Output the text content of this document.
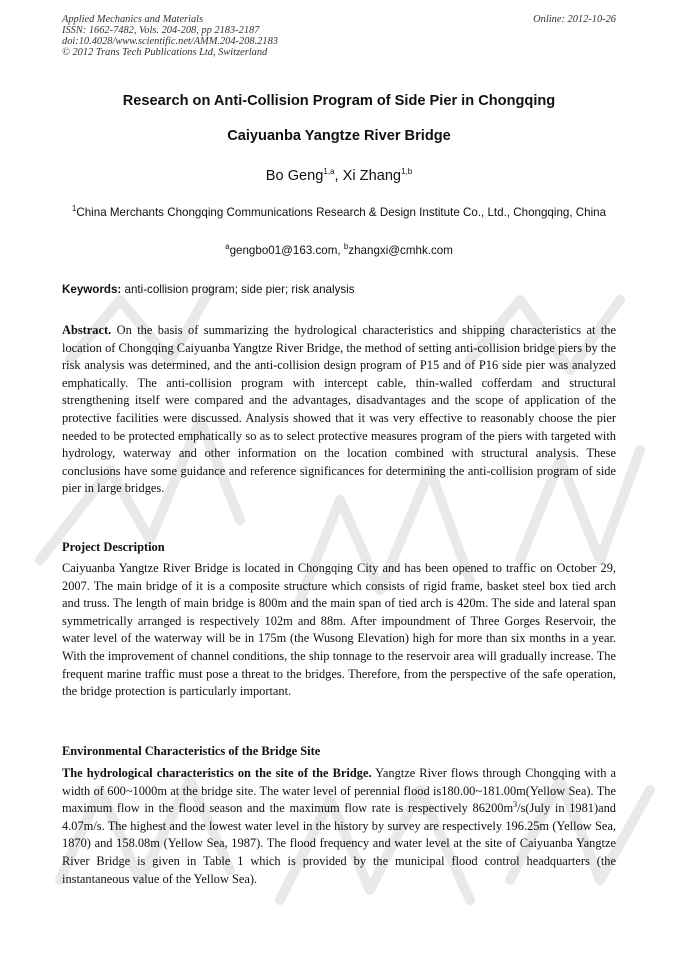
Applied Mechanics and Materials
ISSN: 1662-7482, Vols. 204-208, pp 2183-2187
doi:10.4028/www.scientific.net/AMM.204-208.2183
© 2012 Trans Tech Publications Ltd, Switzerland
Online: 2012-10-26
Research on Anti-Collision Program of Side Pier in Chongqing
Caiyuanba Yangtze River Bridge
Bo Geng$^{1,a}$, Xi Zhang$^{1,b}$
$^1$China Merchants Chongqing Communications Research & Design Institute Co., Ltd., Chongqing, China
$^a$gengbo01@163.com, $^b$zhangxi@cmhk.com
Keywords: anti-collision program; side pier; risk analysis
Abstract. On the basis of summarizing the hydrological characteristics and shipping characteristics at the location of Chongqing Caiyuanba Yangtze River Bridge, the method of setting anti-collision bridge piers by the risk analysis was determined, and the anti-collision design program of P15 and of P16 side pier was analyzed emphatically. The anti-collision program with intercept cable, thin-walled cofferdam and structural strengthening itself were compared and the advantages, disadvantages and the scope of application of the protective facilities were discussed. Analysis showed that it was very effective to reasonably choose the pier needed to be protected emphatically so as to select protective measures program of the piers with targeted with hydrology, waterway and other information on the location combined with structural analysis. These conclusions have some guidance and reference significances for determining the anti-collision program of side pier in large bridges.
Project Description
Caiyuanba Yangtze River Bridge is located in Chongqing City and has been opened to traffic on October 29, 2007. The main bridge of it is a composite structure which consists of rigid frame, basket steel box tied arch and truss. The length of main bridge is 800m and the main span of tied arch is 420m. The side and lateral span symmetrically arranged is respectively 102m and 88m. After impoundment of Three Gorges Reservoir, the water level of the waterway will be in 175m (the Wusong Elevation) high for more than six months in a year. With the improvement of channel conditions, the ship tonnage to the reservoir area will gradually increase. The frequent marine traffic must pose a threat to the bridges. Therefore, from the perspective of the safe operation, the bridge protection is particularly important.
Environmental Characteristics of the Bridge Site
The hydrological characteristics on the site of the Bridge. Yangtze River flows through Chongqing with a width of 600~1000m at the bridge site. The water level of perennial flood is180.00~181.00m(Yellow Sea). The maximum flow in the flood season and the maximum flow rate is respectively $86200m^3/s(July$ in 1981)and 4.07m/s. The highest and the lowest water level in the history by survey are respectively 196.25m (Yellow Sea, 1870) and 158.08m (Yellow Sea, 1987). The flood frequency and water level at the site of Caiyuanba Yangtze River Bridge is given in Table 1 which is provided by the municipal flood control headquarters (the instantaneous value of the Yellow Sea).
